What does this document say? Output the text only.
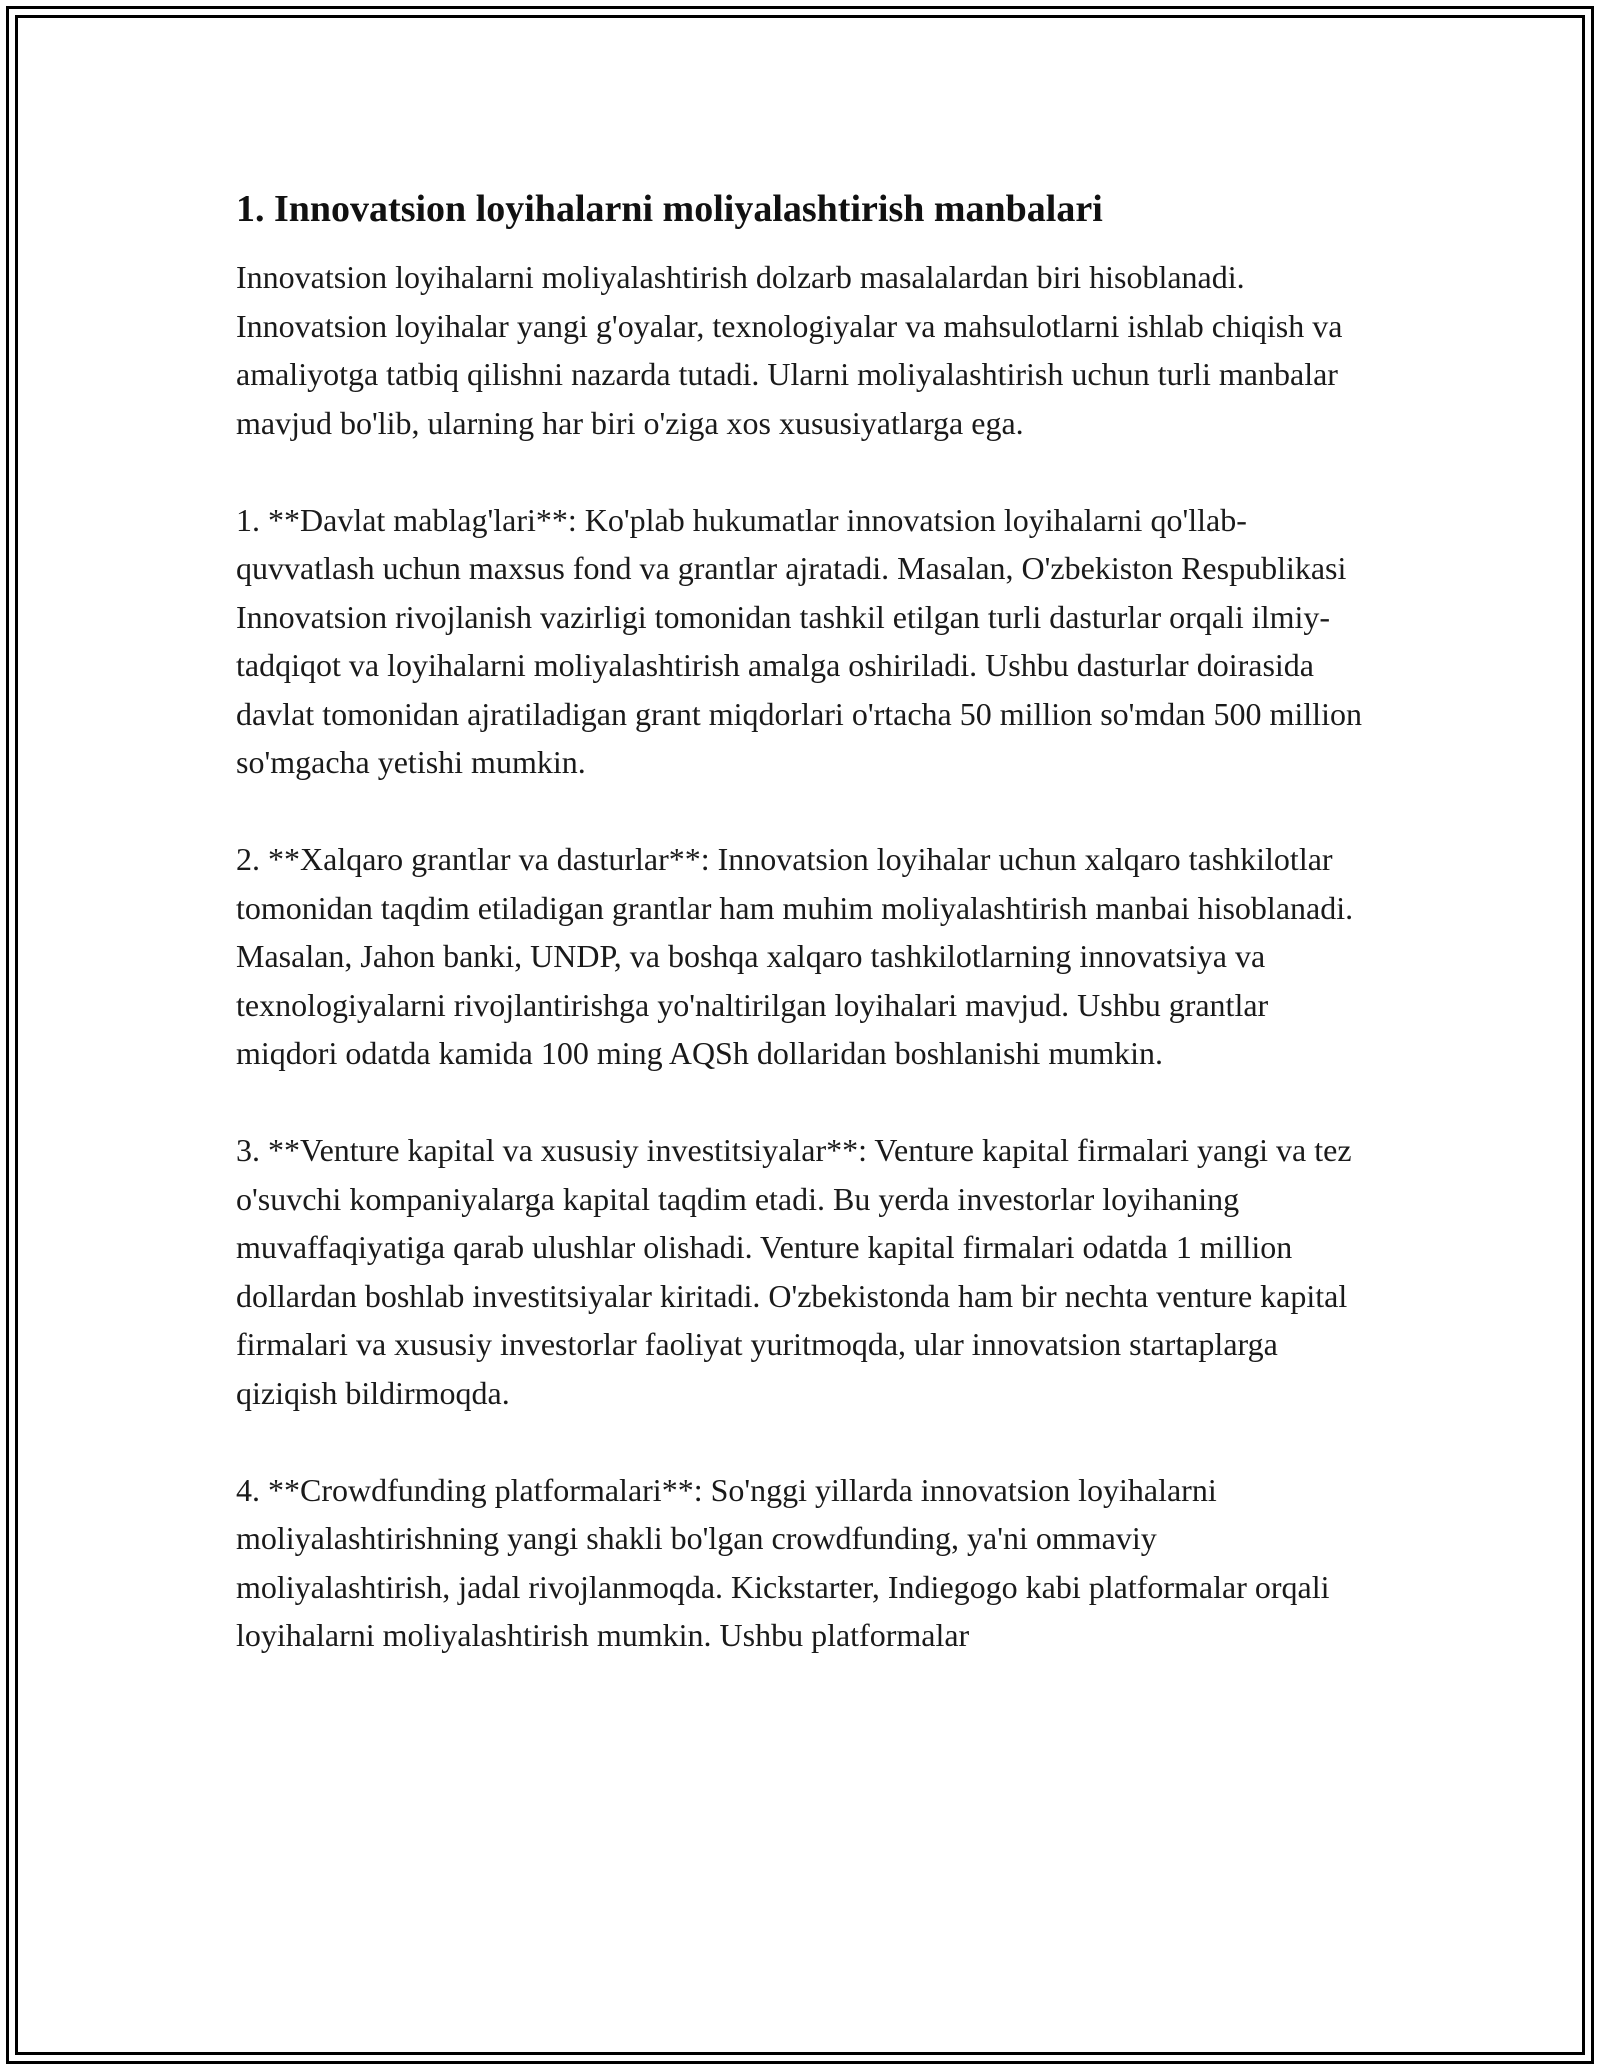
1. Innovatsion loyihalarni moliyalashtirish manbalari

Innovatsion loyihalarni moliyalashtirish dolzarb masalalardan biri hisoblanadi. Innovatsion loyihalar yangi g'oyalar, texnologiyalar va mahsulotlarni ishlab chiqish va amaliyotga tatbiq qilishni nazarda tutadi. Ularni moliyalashtirish uchun turli manbalar mavjud bo'lib, ularning har biri o'ziga xos xususiyatlarga ega.

1. **Davlat mablag'lari**: Ko'plab hukumatlar innovatsion loyihalarni qo'llab-quvvatlash uchun maxsus fond va grantlar ajratadi. Masalan, O'zbekiston Respublikasi Innovatsion rivojlanish vazirligi tomonidan tashkil etilgan turli dasturlar orqali ilmiy-tadqiqot va loyihalarni moliyalashtirish amalga oshiriladi. Ushbu dasturlar doirasida davlat tomonidan ajratiladigan grant miqdorlari o'rtacha 50 million so'mdan 500 million so'mgacha yetishi mumkin.

2. **Xalqaro grantlar va dasturlar**: Innovatsion loyihalar uchun xalqaro tashkilotlar tomonidan taqdim etiladigan grantlar ham muhim moliyalashtirish manbai hisoblanadi. Masalan, Jahon banki, UNDP, va boshqa xalqaro tashkilotlarning innovatsiya va texnologiyalarni rivojlantirishga yo'naltirilgan loyihalari mavjud. Ushbu grantlar miqdori odatda kamida 100 ming AQSh dollaridan boshlanishi mumkin.

3. **Venture kapital va xususiy investitsiyalar**: Venture kapital firmalari yangi va tez o'suvchi kompaniyalarga kapital taqdim etadi. Bu yerda investorlar loyihaning muvaffaqiyatiga qarab ulushlar olishadi. Venture kapital firmalari odatda 1 million dollardan boshlab investitsiyalar kiritadi. O'zbekistonda ham bir nechta venture kapital firmalari va xususiy investorlar faoliyat yuritmoqda, ular innovatsion startaplarga qiziqish bildirmoqda.

4. **Crowdfunding platformalari**: So'nggi yillarda innovatsion loyihalarni moliyalashtirishning yangi shakli bo'lgan crowdfunding, ya'ni ommaviy moliyalashtirish, jadal rivojlanmoqda. Kickstarter, Indiegogo kabi platformalar orqali loyihalarni moliyalashtirish mumkin. Ushbu platformalar
